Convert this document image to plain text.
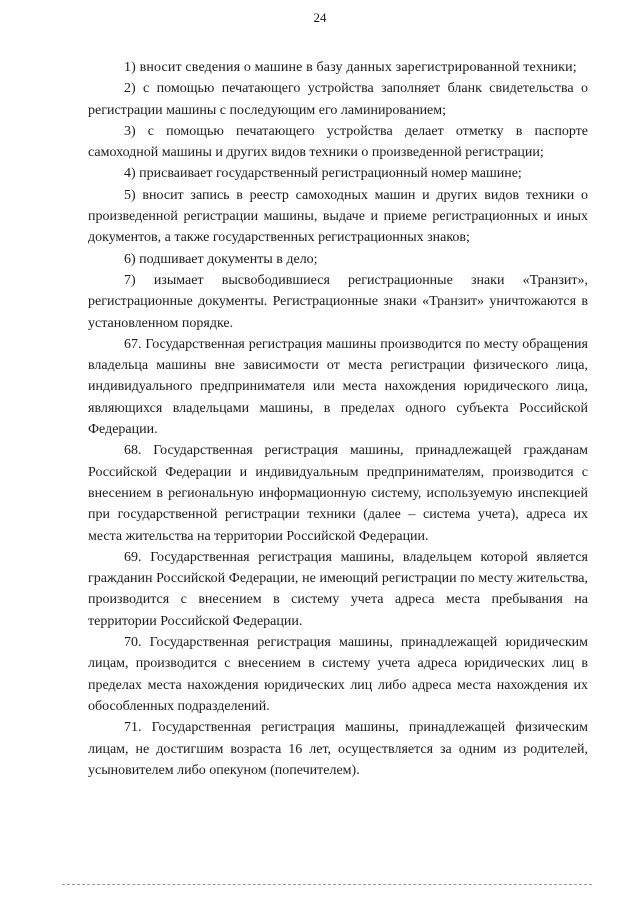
24

1) вносит сведения о машине в базу данных зарегистрированной техники;

2) с помощью печатающего устройства заполняет бланк свидетельства о регистрации машины с последующим его ламинированием;

3) с помощью печатающего устройства делает отметку в паспорте самоходной машины и других видов техники о произведенной регистрации;

4) присваивает государственный регистрационный номер машине;

5) вносит запись в реестр самоходных машин и других видов техники о произведенной регистрации машины, выдаче и приеме регистрационных и иных документов, а также государственных регистрационных знаков;

6) подшивает документы в дело;

7) изымает высвободившиеся регистрационные знаки «Транзит», регистрационные документы. Регистрационные знаки «Транзит» уничтожаются в установленном порядке.

67. Государственная регистрация машины производится по месту обращения владельца машины вне зависимости от места регистрации физического лица, индивидуального предпринимателя или места нахождения юридического лица, являющихся владельцами машины, в пределах одного субъекта Российской Федерации.

68. Государственная регистрация машины, принадлежащей гражданам Российской Федерации и индивидуальным предпринимателям, производится с внесением в региональную информационную систему, используемую инспекцией при государственной регистрации техники (далее – система учета), адреса их места жительства на территории Российской Федерации.

69. Государственная регистрация машины, владельцем которой является гражданин Российской Федерации, не имеющий регистрации по месту жительства, производится с внесением в систему учета адреса места пребывания на территории Российской Федерации.

70. Государственная регистрация машины, принадлежащей юридическим лицам, производится с внесением в систему учета адреса юридических лиц в пределах места нахождения юридических лиц либо адреса места нахождения их обособленных подразделений.

71. Государственная регистрация машины, принадлежащей физическим лицам, не достигшим возраста 16 лет, осуществляется за одним из родителей, усыновителем либо опекуном (попечителем).
